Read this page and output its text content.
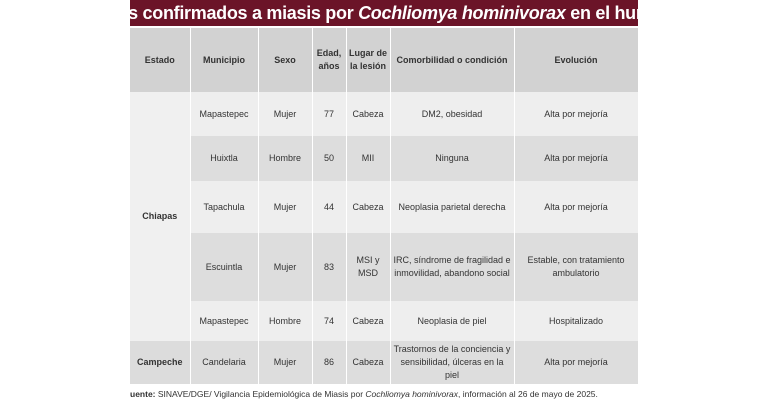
Casos confirmados a miasis por Cochliomya hominivorax en el humano
Estado	Municipio	Sexo	Edad, años	Lugar de la lesión	Comorbilidad o condición	Evolución
Chiapas	Mapastepec	Mujer	77	Cabeza	DM2, obesidad	Alta por mejoría
	Huixtla	Hombre	50	MII	Ninguna	Alta por mejoría
	Tapachula	Mujer	44	Cabeza	Neoplasia parietal derecha	Alta por mejoría
	Escuintla	Mujer	83	MSI y MSD	IRC, síndrome de fragilidad e inmovilidad, abandono social	Estable, con tratamiento ambulatorio
	Mapastepec	Hombre	74	Cabeza	Neoplasia de piel	Hospitalizado
Campeche	Candelaria	Mujer	86	Cabeza	Trastornos de la conciencia y sensibilidad, úlceras en la piel	Alta por mejoría
uente: SINAVE/DGE/ Vigilancia Epidemiológica de Miasis por Cochliomya hominivorax, información al 26 de mayo de 2025.
